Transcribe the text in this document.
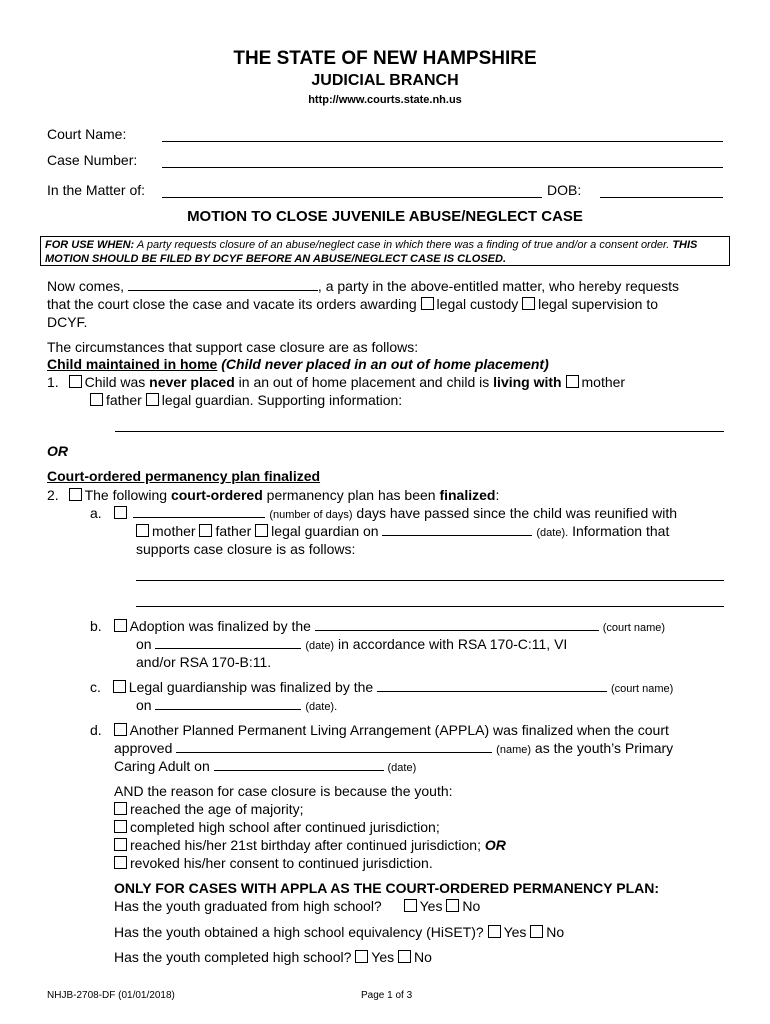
THE STATE OF NEW HAMPSHIRE
JUDICIAL BRANCH
http://www.courts.state.nh.us
Court Name:
Case Number:
In the Matter of:	DOB:
MOTION TO CLOSE JUVENILE ABUSE/NEGLECT CASE
FOR USE WHEN: A party requests closure of an abuse/neglect case in which there was a finding of true and/or a consent order. THIS MOTION SHOULD BE FILED BY DCYF BEFORE AN ABUSE/NEGLECT CASE IS CLOSED.
Now comes,	, a party in the above-entitled matter, who hereby requests
that the court close the case and vacate its orders awarding legal custody legal supervision to
DCYF.
The circumstances that support case closure are as follows:
Child maintained in home (Child never placed in an out of home placement)
1. Child was never placed in an out of home placement and child is living with mother
father legal guardian. Supporting information:
OR
Court-ordered permanency plan finalized
2. The following court-ordered permanency plan has been finalized:
a.	(number of days) days have passed since the child was reunified with
mother father legal guardian on	(date). Information that
supports case closure is as follows:
b. Adoption was finalized by the	(court name)
on	(date) in accordance with RSA 170-C:11, VI
and/or RSA 170-B:11.
c. Legal guardianship was finalized by the	(court name)
on	(date).
d. Another Planned Permanent Living Arrangement (APPLA) was finalized when the court
approved	(name) as the youth’s Primary
Caring Adult on	(date)
AND the reason for case closure is because the youth:
reached the age of majority;
completed high school after continued jurisdiction;
reached his/her 21st birthday after continued jurisdiction; OR
revoked his/her consent to continued jurisdiction.
ONLY FOR CASES WITH APPLA AS THE COURT-ORDERED PERMANENCY PLAN:
Has the youth graduated from high school?	Yes No
Has the youth obtained a high school equivalency (HiSET)? Yes No
Has the youth completed high school? Yes No
NHJB-2708-DF (01/01/2018)	Page 1 of 3
